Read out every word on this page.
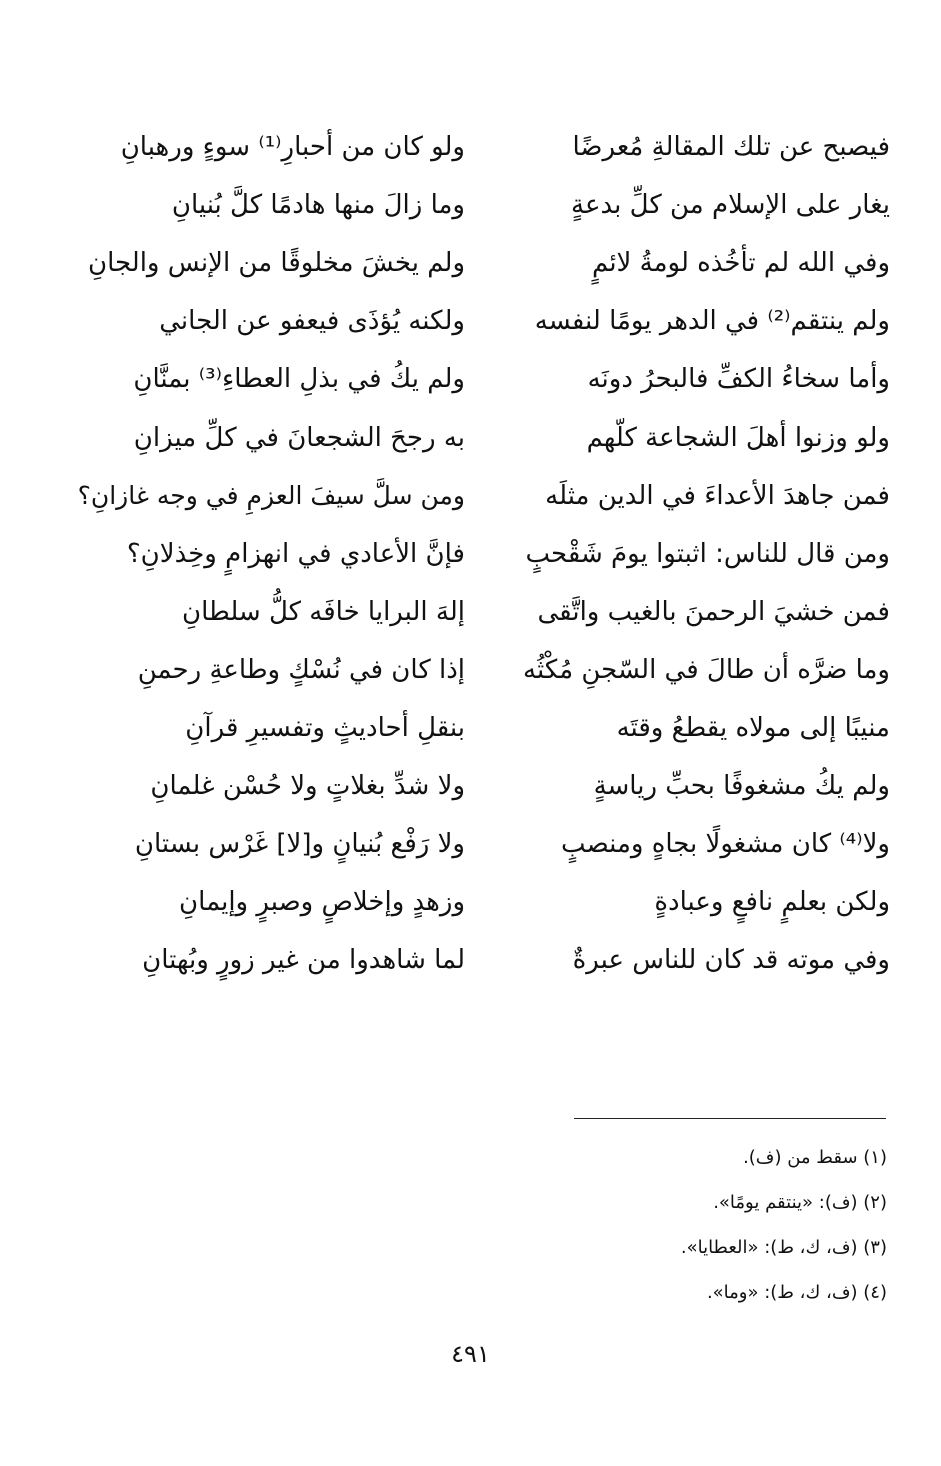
فيصبح عن تلك المقالةِ مُعرضًا
ولو كان من أحبارِ⁽¹⁾ سوءٍ ورهبانِ
يغار على الإسلام من كلِّ بدعةٍ
وما زالَ منها هادمًا كلَّ بُنيانِ
وفي الله لم تأخُذه لومةُ لائمٍ
ولم يخشَ مخلوقًا من الإنس والجانِ
ولم ينتقم⁽²⁾ في الدهر يومًا لنفسه
ولكنه يُؤذَى فيعفو عن الجاني
وأما سخاءُ الكفِّ فالبحرُ دونَه
ولم يكُ في بذلِ العطاءِ⁽³⁾ بمنَّانِ
ولو وزنوا أهلَ الشجاعة كلّهم
به رجحَ الشجعانَ في كلِّ ميزانِ
فمن جاهدَ الأعداءَ في الدين مثلَه
ومن سلَّ سيفَ العزمِ في وجه غازانِ؟
ومن قال للناس: اثبتوا يومَ شَقْحبٍ
فإنَّ الأعادي في انهزامٍ وخِذلانِ؟
فمن خشيَ الرحمنَ بالغيب واتَّقى
إلهَ البرايا خافَه كلُّ سلطانِ
وما ضرَّه أن طالَ في السّجنِ مُكْثُه
إذا كان في نُسْكٍ وطاعةِ رحمنِ
منيبًا إلى مولاه يقطعُ وقتَه
بنقلِ أحاديثٍ وتفسيرِ قرآنِ
ولم يكُ مشغوفًا بحبِّ رياسةٍ
ولا شدِّ بغلاتٍ ولا حُسْن غلمانِ
ولا⁽⁴⁾ كان مشغولًا بجاهٍ ومنصبٍ
ولا رَفْع بُنيانٍ و[لا] غَرْس بستانِ
ولكن بعلمٍ نافعٍ وعبادةٍ
وزهدٍ وإخلاصٍ وصبرٍ وإيمانِ
وفي موته قد كان للناس عبرةٌ
لما شاهدوا من غير زورٍ وبُهتانِ
(١) سقط من (ف).
(٢) (ف): «ينتقم يومًا».
(٣) (ف، ك، ط): «العطايا».
(٤) (ف، ك، ط): «وما».
٤٩١
